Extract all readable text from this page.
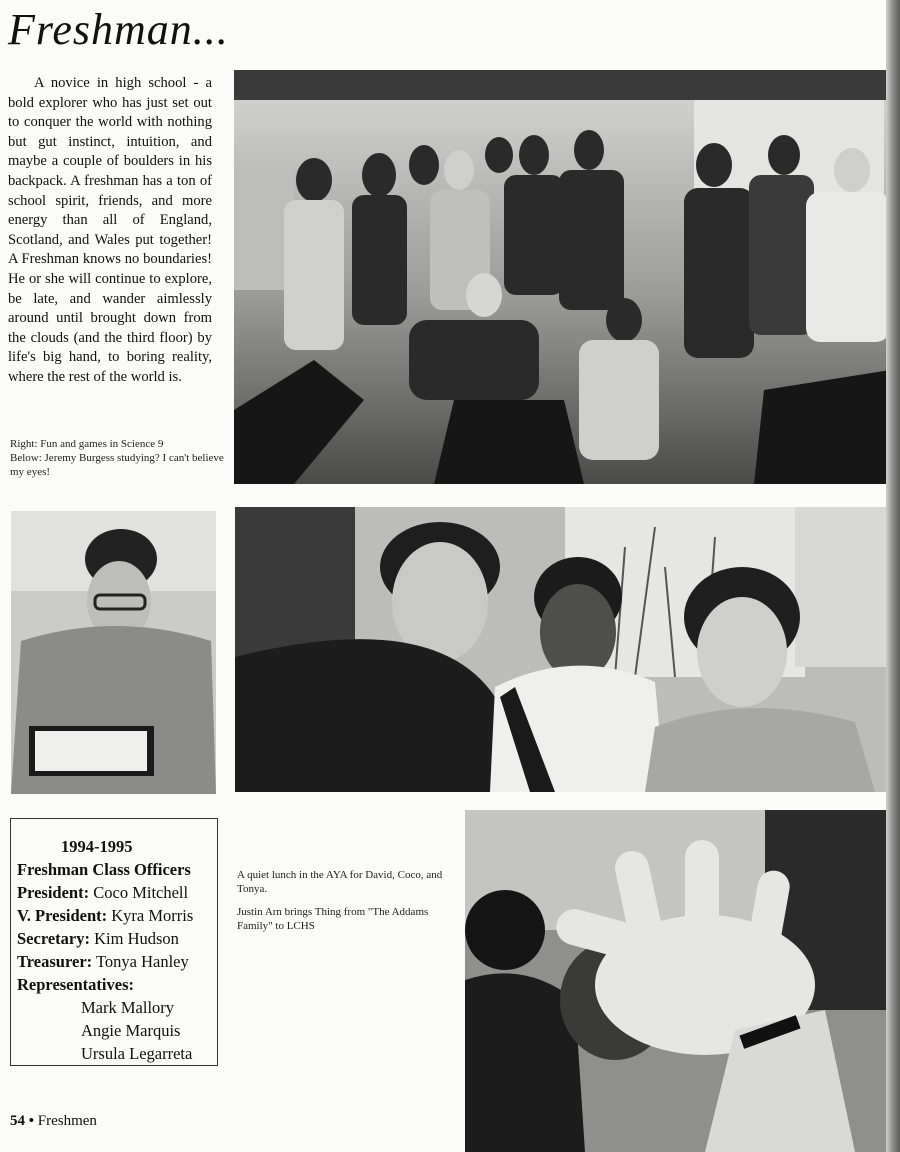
Freshman...

A novice in high school - a bold explorer who has just set out to conquer the world with nothing but gut instinct, intuition, and maybe a couple of boulders in his backpack. A freshman has a ton of school spirit, friends, and more energy than all of England, Scotland, and Wales put together! A Freshman knows no boundaries! He or she will continue to explore, be late, and wander aimlessly around until brought down from the clouds (and the third floor) by life's big hand, to boring reality, where the rest of the world is.

Right: Fun and games in Science 9

Below: Jeremy Burgess studying? I can't believe my eyes!

1994-1995
Freshman Class Officers
President: Coco Mitchell
V. President: Kyra Morris
Secretary: Kim Hudson
Treasurer: Tonya Hanley
Representatives:
Mark Mallory
Angie Marquis
Ursula Legarreta

A quiet lunch in the AYA for David, Coco, and Tonya.

Justin Arn brings Thing from "The Addams Family" to LCHS

54 • Freshmen
